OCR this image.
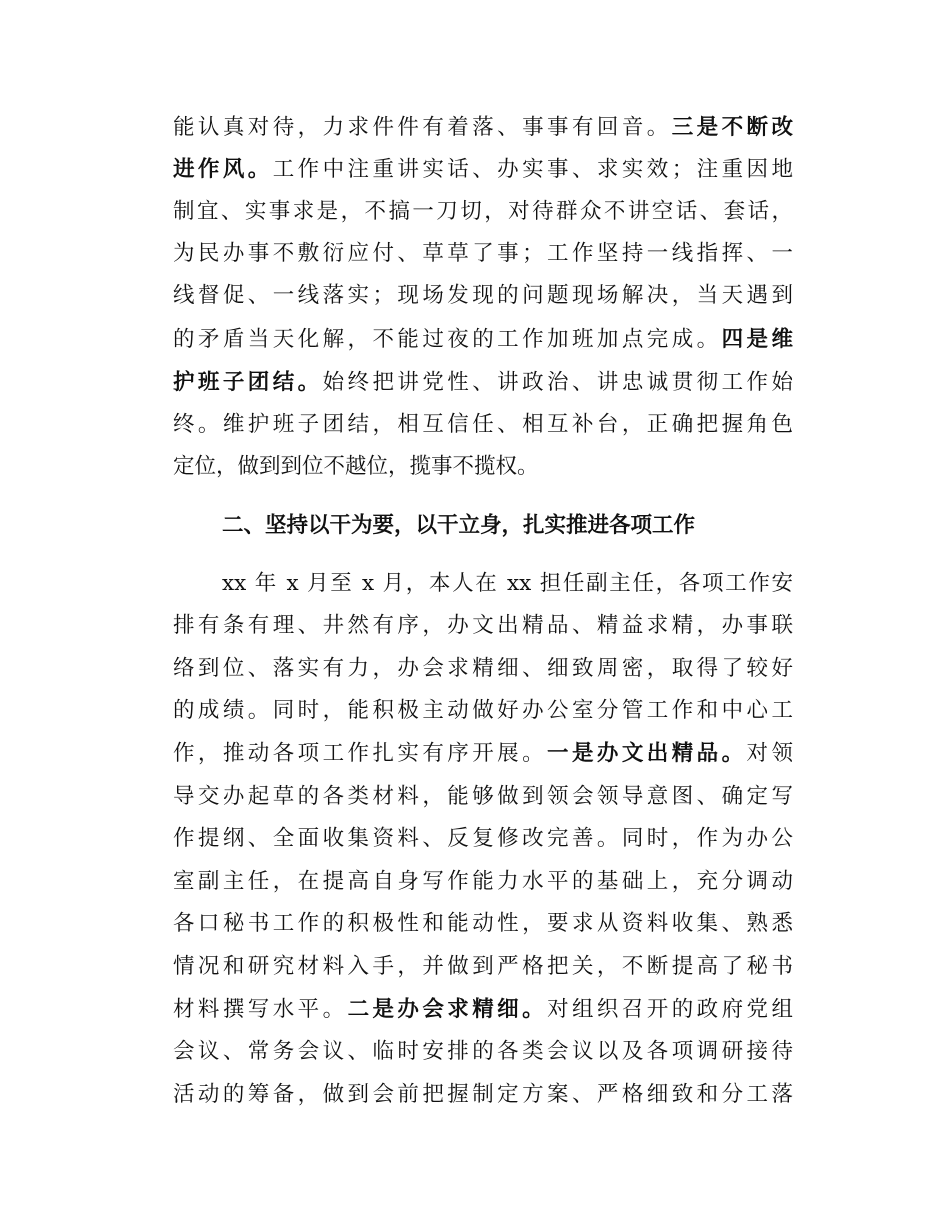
能认真对待，力求件件有着落、事事有回音。三是不断改
进作风。工作中注重讲实话、办实事、求实效；注重因地
制宜、实事求是，不搞一刀切，对待群众不讲空话、套话，
为民办事不敷衍应付、草草了事；工作坚持一线指挥、一
线督促、一线落实；现场发现的问题现场解决，当天遇到
的矛盾当天化解，不能过夜的工作加班加点完成。四是维
护班子团结。始终把讲党性、讲政治、讲忠诚贯彻工作始
终。维护班子团结，相互信任、相互补台，正确把握角色
定位，做到到位不越位，揽事不揽权。
二、坚持以干为要，以干立身，扎实推进各项工作
xx 年 x 月至 x 月，本人在 xx 担任副主任，各项工作安
排有条有理、井然有序，办文出精品、精益求精，办事联
络到位、落实有力，办会求精细、细致周密，取得了较好
的成绩。同时，能积极主动做好办公室分管工作和中心工
作，推动各项工作扎实有序开展。一是办文出精品。对领
导交办起草的各类材料，能够做到领会领导意图、确定写
作提纲、全面收集资料、反复修改完善。同时，作为办公
室副主任，在提高自身写作能力水平的基础上，充分调动
各口秘书工作的积极性和能动性，要求从资料收集、熟悉
情况和研究材料入手，并做到严格把关，不断提高了秘书
材料撰写水平。二是办会求精细。对组织召开的政府党组
会议、常务会议、临时安排的各类会议以及各项调研接待
活动的筹备，做到会前把握制定方案、严格细致和分工落
